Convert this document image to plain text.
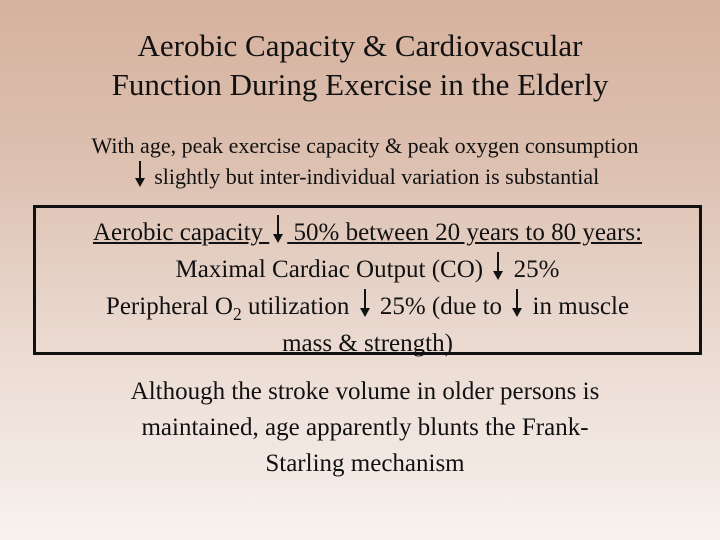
Aerobic Capacity & Cardiovascular
Function During Exercise in the Elderly
With age, peak exercise capacity & peak oxygen consumption

slightly but inter-individual variation is substantial
Aerobic capacity 50% between 20 years to 80 years:
Maximal Cardiac Output (CO) 25%
Peripheral $O_2$ utilization 25% (due to in muscle
mass & strength)
Although the stroke volume in older persons is
maintained, age apparently blunts the Frank-
Starling mechanism
